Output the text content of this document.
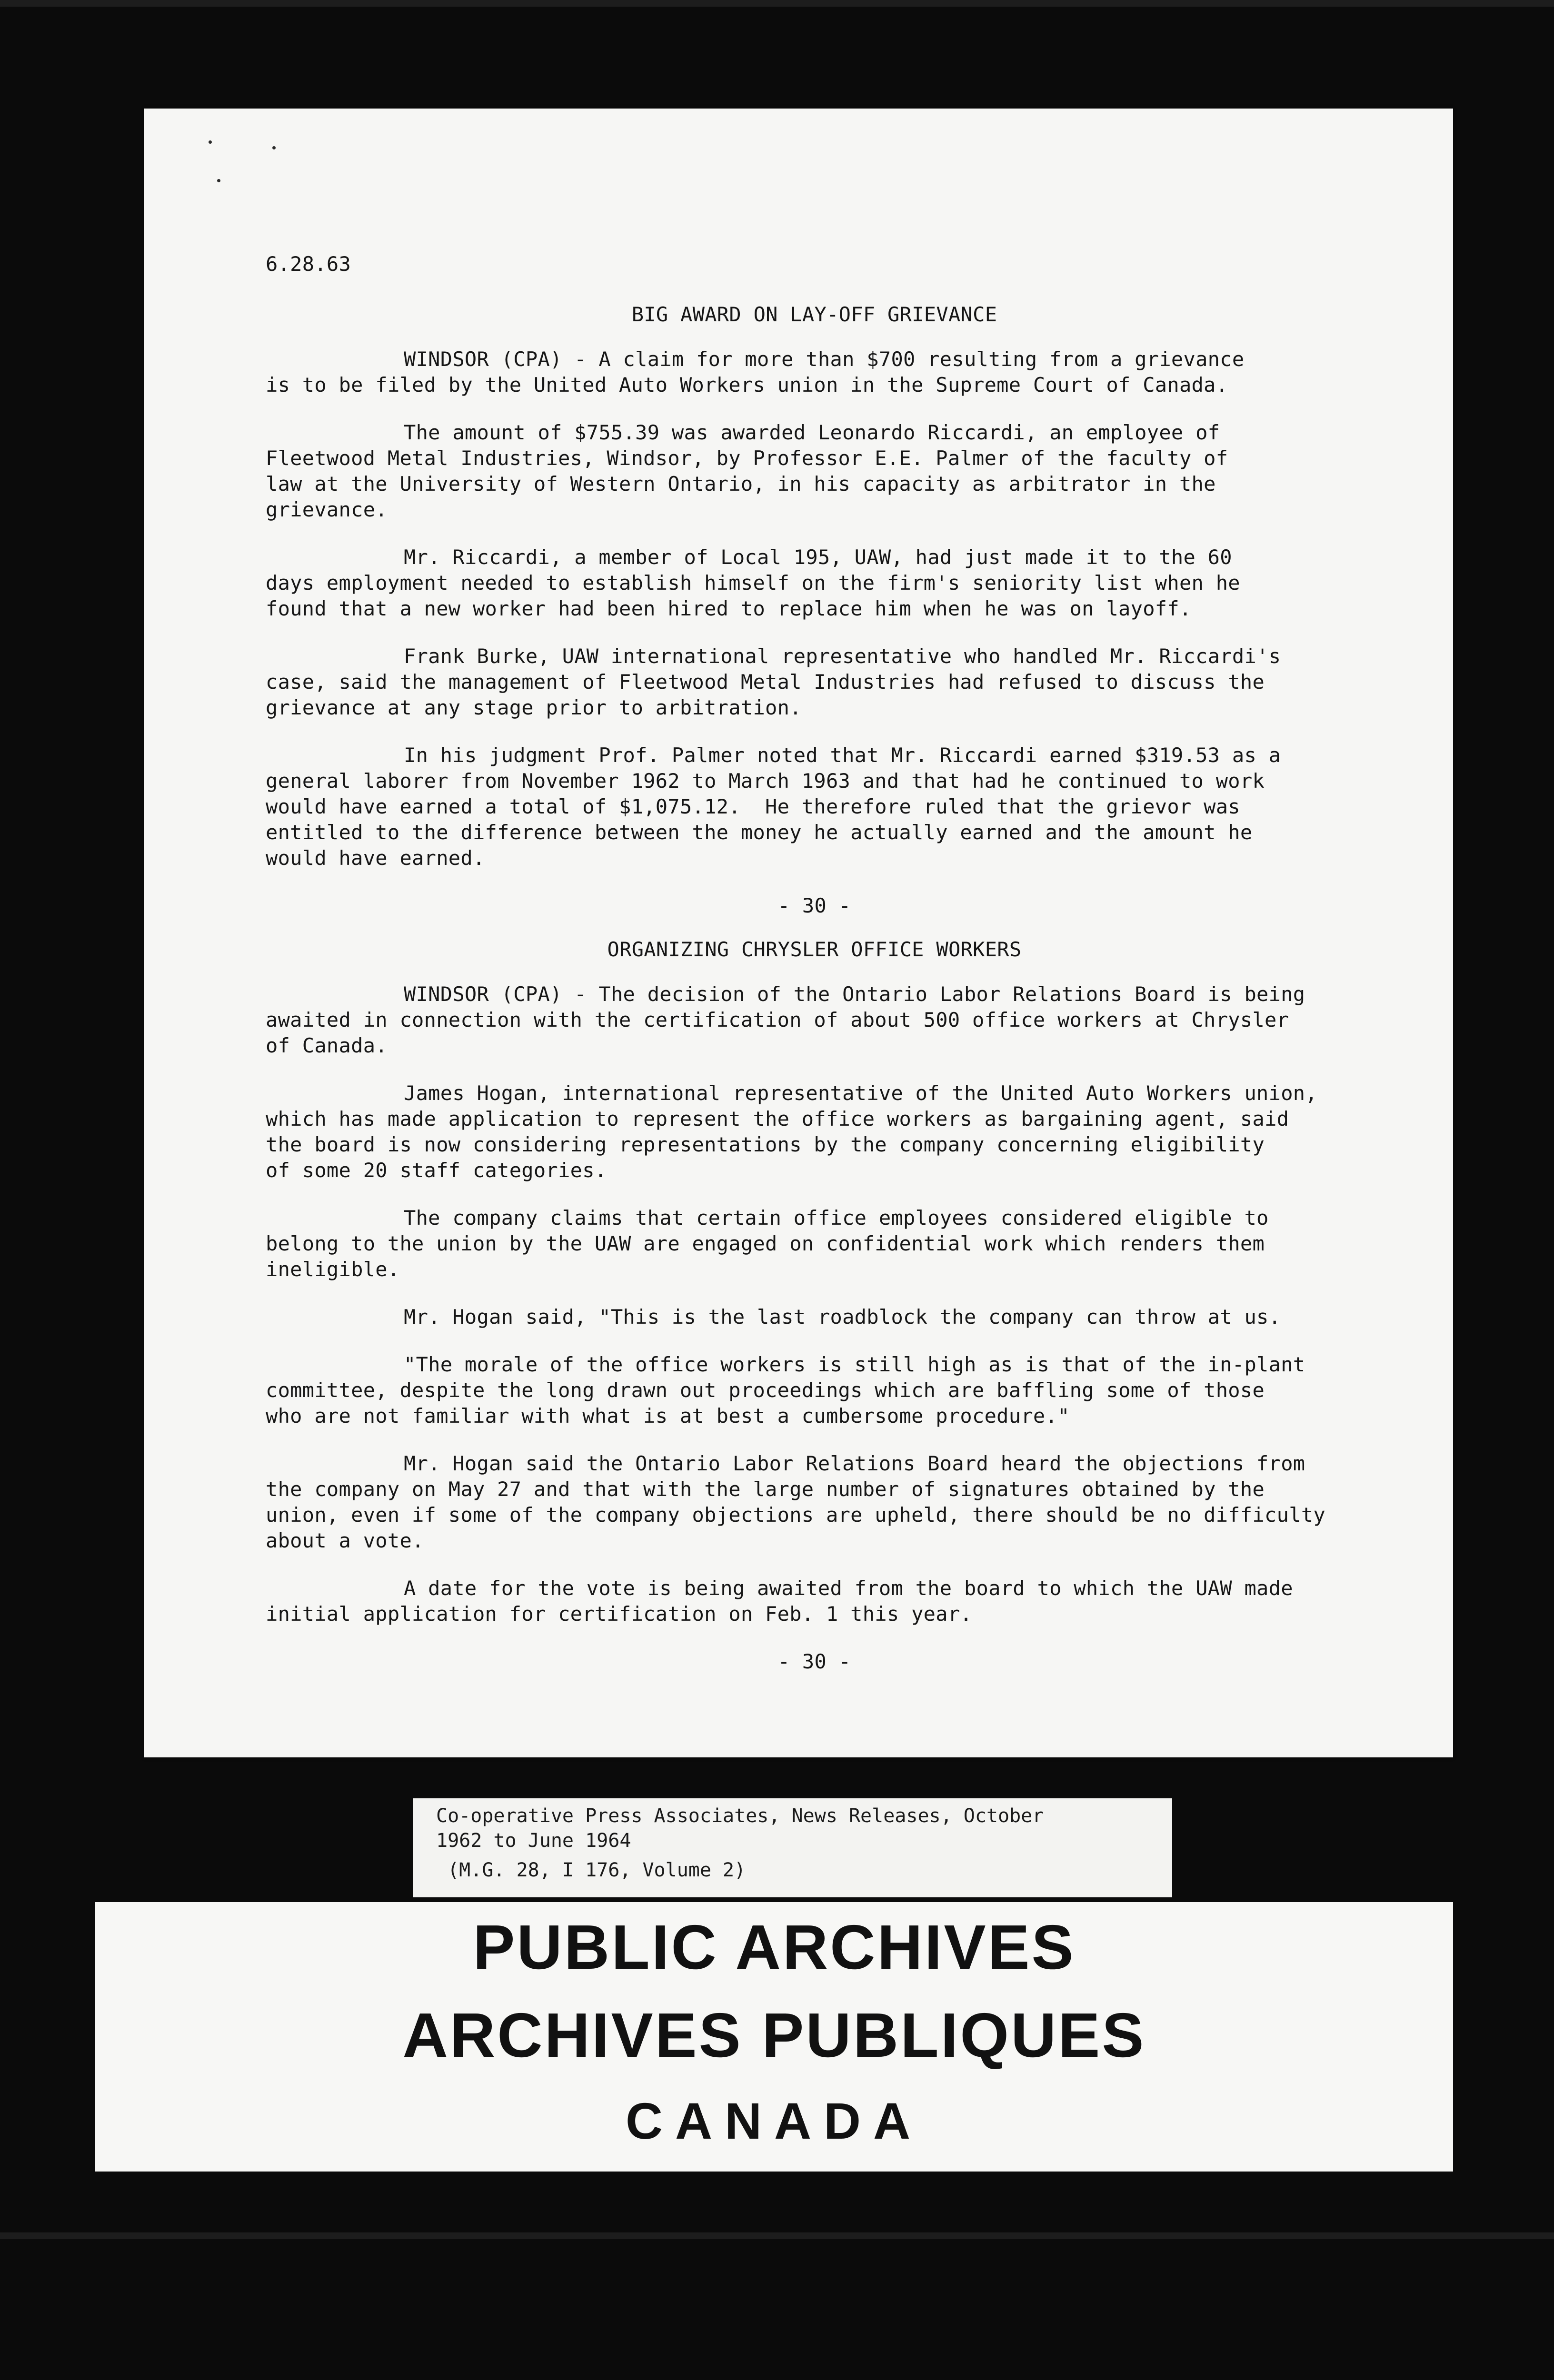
6.28.63
BIG AWARD ON LAY-OFF GRIEVANCE
WINDSOR (CPA) - A claim for more than $700 resulting from a grievance
is to be filed by the United Auto Workers union in the Supreme Court of Canada.
The amount of $755.39 was awarded Leonardo Riccardi, an employee of
Fleetwood Metal Industries, Windsor, by Professor E.E. Palmer of the faculty of
law at the University of Western Ontario, in his capacity as arbitrator in the
grievance.
Mr. Riccardi, a member of Local 195, UAW, had just made it to the 60
days employment needed to establish himself on the firm's seniority list when he
found that a new worker had been hired to replace him when he was on layoff.
Frank Burke, UAW international representative who handled Mr. Riccardi's
case, said the management of Fleetwood Metal Industries had refused to discuss the
grievance at any stage prior to arbitration.
In his judgment Prof. Palmer noted that Mr. Riccardi earned $319.53 as a
general laborer from November 1962 to March 1963 and that had he continued to work
would have earned a total of $1,075.12.  He therefore ruled that the grievor was
entitled to the difference between the money he actually earned and the amount he
would have earned.
- 30 -
ORGANIZING CHRYSLER OFFICE WORKERS
WINDSOR (CPA) - The decision of the Ontario Labor Relations Board is being
awaited in connection with the certification of about 500 office workers at Chrysler
of Canada.
James Hogan, international representative of the United Auto Workers union,
which has made application to represent the office workers as bargaining agent, said
the board is now considering representations by the company concerning eligibility
of some 20 staff categories.
The company claims that certain office employees considered eligible to
belong to the union by the UAW are engaged on confidential work which renders them
ineligible.
Mr. Hogan said, "This is the last roadblock the company can throw at us.
"The morale of the office workers is still high as is that of the in-plant
committee, despite the long drawn out proceedings which are baffling some of those
who are not familiar with what is at best a cumbersome procedure."
Mr. Hogan said the Ontario Labor Relations Board heard the objections from
the company on May 27 and that with the large number of signatures obtained by the
union, even if some of the company objections are upheld, there should be no difficulty
about a vote.
A date for the vote is being awaited from the board to which the UAW made
initial application for certification on Feb. 1 this year.
- 30 -
Co-operative Press Associates, News Releases, October
1962 to June 1964
(M.G. 28, I 176, Volume 2)
PUBLIC ARCHIVES
ARCHIVES PUBLIQUES
CANADA
